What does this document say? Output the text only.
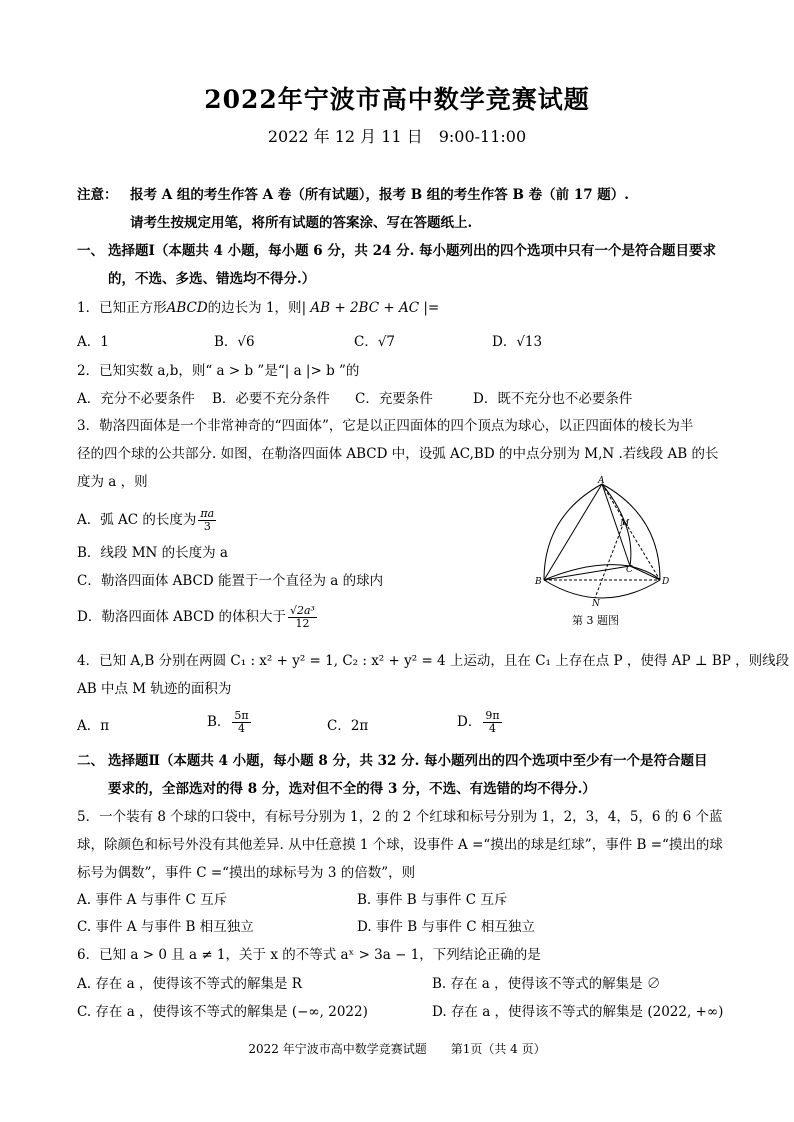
2022年宁波市高中数学竞赛试题
2022 年 12 月 11 日　9:00-11:00
注意： 报考 A 组的考生作答 A 卷（所有试题），报考 B 组的考生作答 B 卷（前 17 题）.
请考生按规定用笔，将所有试题的答案涂、写在答题纸上.
一、 选择题Ⅰ（本题共 4 小题，每小题 6 分，共 24 分. 每小题列出的四个选项中只有一个是符合题目要求
的，不选、多选、错选均不得分.）
1．已知正方形ABCD的边长为 1，则| AB + 2BC + AC |=
A．1	B．√6	C．√7	D．√13
2．已知实数 a,b，则“ a > b ”是“| a |> b ”的
A．充分不必要条件 B．必要不充分条件 C．充要条件	D．既不充分也不必要条件
3．勒洛四面体是一个非常神奇的“四面体”，它是以正四面体的四个顶点为球心，以正四面体的棱长为半
径的四个球的公共部分. 如图，在勒洛四面体 ABCD 中，设弧 AC,BD 的中点分别为 M,N .若线段 AB 的长
度为 a ，则
A．弧 AC 的长度为 $\frac{\pi a}{3}$
B．线段 MN 的长度为 a
C．勒洛四面体 ABCD 能置于一个直径为 a 的球内
D．勒洛四面体 ABCD 的体积大于 $\frac{\text{√2a³}}{12}$
A
B
C
D
M
N
第 3 题图
4．已知 A,B 分别在两圆 C₁ : x² + y² = 1, C₂ : x² + y² = 4 上运动，且在 C₁ 上存在点 P ，使得 AP ⊥ BP ，则线段
AB 中点 M 轨迹的面积为
A．π	B． $\frac{5\pi}{4}$	C．2π	D． $\frac{9\pi}{4}$
二、 选择题Ⅱ（本题共 4 小题，每小题 8 分，共 32 分. 每小题列出的四个选项中至少有一个是符合题目
要求的，全部选对的得 8 分，选对但不全的得 3 分，不选、有选错的均不得分.）
5．一个装有 8 个球的口袋中，有标号分别为 1，2 的 2 个红球和标号分别为 1，2，3，4，5，6 的 6 个蓝
球，除颜色和标号外没有其他差异. 从中任意摸 1 个球，设事件 A =“摸出的球是红球”，事件 B =“摸出的球
标号为偶数”，事件 C =“摸出的球标号为 3 的倍数”，则
A. 事件 A 与事件 C 互斥	B. 事件 B 与事件 C 互斥
C. 事件 A 与事件 B 相互独立	D. 事件 B 与事件 C 相互独立
6．已知 a > 0 且 a ≠ 1，关于 x 的不等式 aˣ > 3a − 1，下列结论正确的是
A. 存在 a ，使得该不等式的解集是 R	B. 存在 a ，使得该不等式的解集是 ∅
C. 存在 a ，使得该不等式的解集是 (−∞, 2022)	D. 存在 a ，使得该不等式的解集是 (2022, +∞)
2022 年宁波市高中数学竞赛试题　　第1页（共 4 页）
